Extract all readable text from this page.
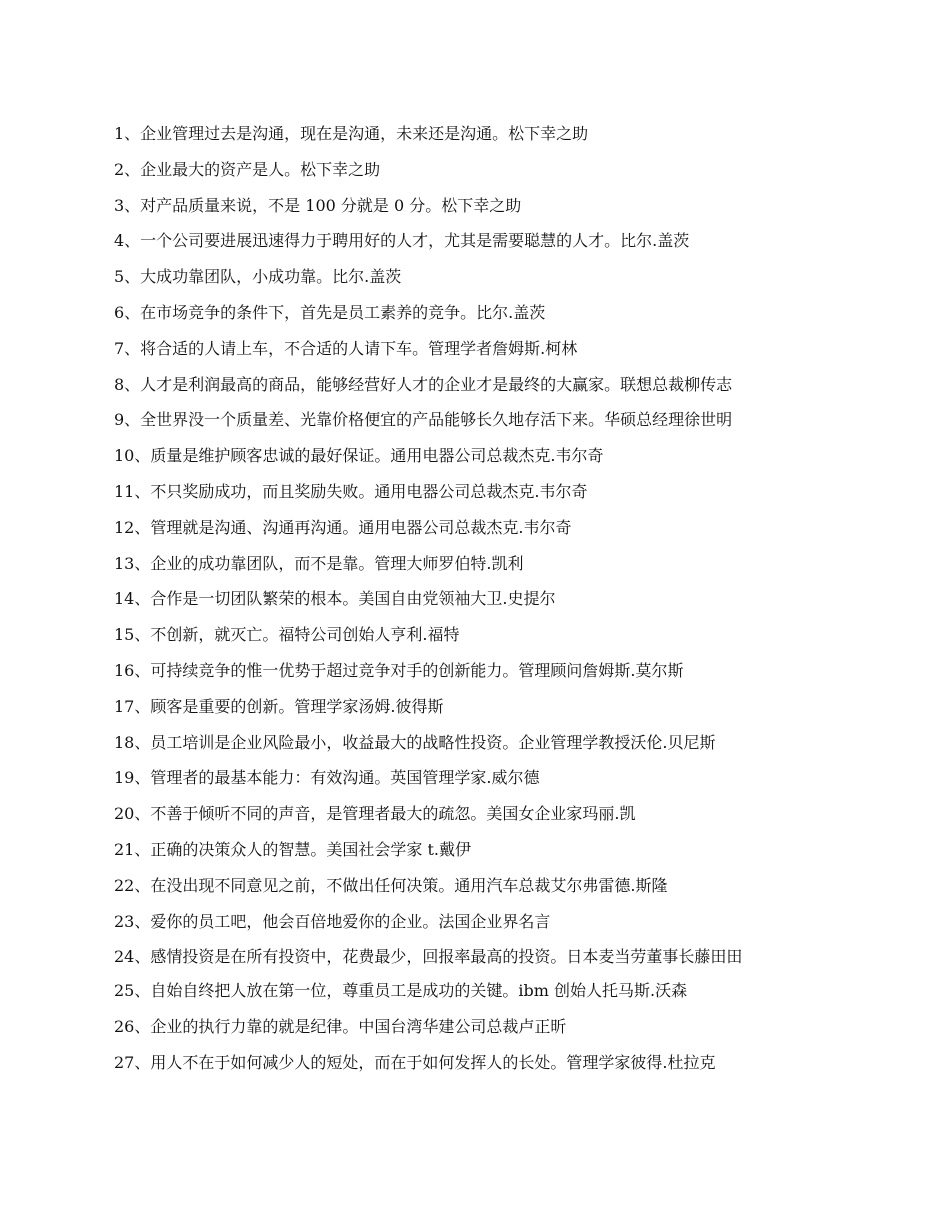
1、企业管理过去是沟通，现在是沟通，未来还是沟通。松下幸之助
2、企业最大的资产是人。松下幸之助
3、对产品质量来说，不是 100 分就是 0 分。松下幸之助
4、一个公司要进展迅速得力于聘用好的人才，尤其是需要聪慧的人才。比尔.盖茨
5、大成功靠团队，小成功靠。比尔.盖茨
6、在市场竞争的条件下，首先是员工素养的竞争。比尔.盖茨
7、将合适的人请上车，不合适的人请下车。管理学者詹姆斯.柯林
8、人才是利润最高的商品，能够经营好人才的企业才是最终的大赢家。联想总裁柳传志
9、全世界没一个质量差、光靠价格便宜的产品能够长久地存活下来。华硕总经理徐世明
10、质量是维护顾客忠诚的最好保证。通用电器公司总裁杰克.韦尔奇
11、不只奖励成功，而且奖励失败。通用电器公司总裁杰克.韦尔奇
12、管理就是沟通、沟通再沟通。通用电器公司总裁杰克.韦尔奇
13、企业的成功靠团队，而不是靠。管理大师罗伯特.凯利
14、合作是一切团队繁荣的根本。美国自由党领袖大卫.史提尔
15、不创新，就灭亡。福特公司创始人亨利.福特
16、可持续竞争的惟一优势于超过竞争对手的创新能力。管理顾问詹姆斯.莫尔斯
17、顾客是重要的创新。管理学家汤姆.彼得斯
18、员工培训是企业风险最小，收益最大的战略性投资。企业管理学教授沃伦.贝尼斯
19、管理者的最基本能力：有效沟通。英国管理学家.威尔德
20、不善于倾听不同的声音，是管理者最大的疏忽。美国女企业家玛丽.凯
21、正确的决策众人的智慧。美国社会学家 t.戴伊
22、在没出现不同意见之前，不做出任何决策。通用汽车总裁艾尔弗雷德.斯隆
23、爱你的员工吧，他会百倍地爱你的企业。法国企业界名言
24、感情投资是在所有投资中，花费最少，回报率最高的投资。日本麦当劳董事长藤田田
25、自始自终把人放在第一位，尊重员工是成功的关键。ibm 创始人托马斯.沃森
26、企业的执行力靠的就是纪律。中国台湾华建公司总裁卢正昕
27、用人不在于如何减少人的短处，而在于如何发挥人的长处。管理学家彼得.杜拉克
